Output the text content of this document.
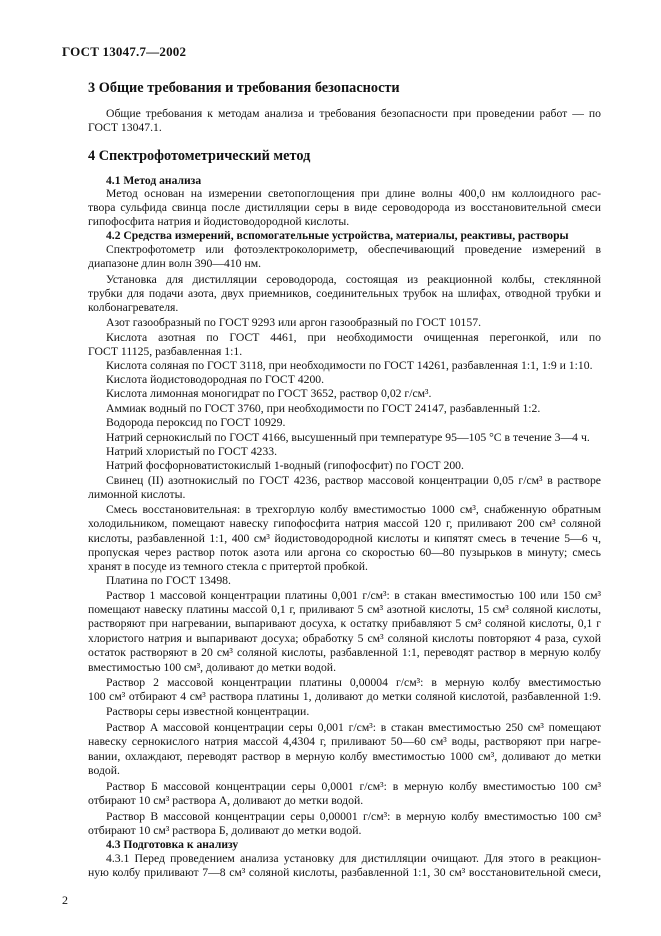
ГОСТ 13047.7—2002
3 Общие требования и требования безопасности
Общие требования к методам анализа и требования безопасности при проведении работ — по
ГОСТ 13047.1.
4 Спектрофотометрический метод
4.1 Метод анализа
Метод основан на измерении светопоглощения при длине волны 400,0 нм коллоидного рас-
твора сульфида свинца после дистилляции серы в виде сероводорода из восстановительной смеси
гипофосфита натрия и йодистоводородной кислоты.
4.2 Средства измерений, вспомогательные устройства, материалы, реактивы, растворы
Спектрофотометр или фотоэлектроколориметр, обеспечивающий проведение измерений в
диапазоне длин волн 390—410 нм.
Установка для дистилляции сероводорода, состоящая из реакционной колбы, стеклянной
трубки для подачи азота, двух приемников, соединительных трубок на шлифах, отводной трубки и
колбонагревателя.
Азот газообразный по ГОСТ 9293 или аргон газообразный по ГОСТ 10157.
Кислота азотная по ГОСТ 4461, при необходимости очищенная перегонкой, или по
ГОСТ 11125, разбавленная 1:1.
Кислота соляная по ГОСТ 3118, при необходимости по ГОСТ 14261, разбавленная 1:1, 1:9 и 1:10.
Кислота йодистоводородная по ГОСТ 4200.
Кислота лимонная моногидрат по ГОСТ 3652, раствор 0,02 г/см³.
Аммиак водный по ГОСТ 3760, при необходимости по ГОСТ 24147, разбавленный 1:2.
Водорода пероксид по ГОСТ 10929.
Натрий сернокислый по ГОСТ 4166, высушенный при температуре 95—105 °С в течение 3—4 ч.
Натрий хлористый по ГОСТ 4233.
Натрий фосфорноватистокислый 1-водный (гипофосфит) по ГОСТ 200.
Свинец (II) азотнокислый по ГОСТ 4236, раствор массовой концентрации 0,05 г/см³ в растворе
лимонной кислоты.
Смесь восстановительная: в трехгорлую колбу вместимостью 1000 см³, снабженную обратным
холодильником, помещают навеску гипофосфита натрия массой 120 г, приливают 200 см³ соляной
кислоты, разбавленной 1:1, 400 см³ йодистоводородной кислоты и кипятят смесь в течение 5—6 ч,
пропуская через раствор поток азота или аргона со скоростью 60—80 пузырьков в минуту; смесь
хранят в посуде из темного стекла с притертой пробкой.
Платина по ГОСТ 13498.
Раствор 1 массовой концентрации платины 0,001 г/см³: в стакан вместимостью 100 или 150 см³
помещают навеску платины массой 0,1 г, приливают 5 см³ азотной кислоты, 15 см³ соляной кислоты,
растворяют при нагревании, выпаривают досуха, к остатку прибавляют 5 см³ соляной кислоты, 0,1 г
хлористого натрия и выпаривают досуха; обработку 5 см³ соляной кислоты повторяют 4 раза, сухой
остаток растворяют в 20 см³ соляной кислоты, разбавленной 1:1, переводят раствор в мерную колбу
вместимостью 100 см³, доливают до метки водой.
Раствор 2 массовой концентрации платины 0,00004 г/см³: в мерную колбу вместимостью
100 см³ отбирают 4 см³ раствора платины 1, доливают до метки соляной кислотой, разбавленной 1:9.
Растворы серы известной концентрации.
Раствор А массовой концентрации серы 0,001 г/см³: в стакан вместимостью 250 см³ помещают
навеску сернокислого натрия массой 4,4304 г, приливают 50—60 см³ воды, растворяют при нагре-
вании, охлаждают, переводят раствор в мерную колбу вместимостью 1000 см³, доливают до метки
водой.
Раствор Б массовой концентрации серы 0,0001 г/см³: в мерную колбу вместимостью 100 см³
отбирают 10 см³ раствора А, доливают до метки водой.
Раствор В массовой концентрации серы 0,00001 г/см³: в мерную колбу вместимостью 100 см³
отбирают 10 см³ раствора Б, доливают до метки водой.
4.3 Подготовка к анализу
4.3.1 Перед проведением анализа установку для дистилляции очищают. Для этого в реакцион-
ную колбу приливают 7—8 см³ соляной кислоты, разбавленной 1:1, 30 см³ восстановительной смеси,
2
